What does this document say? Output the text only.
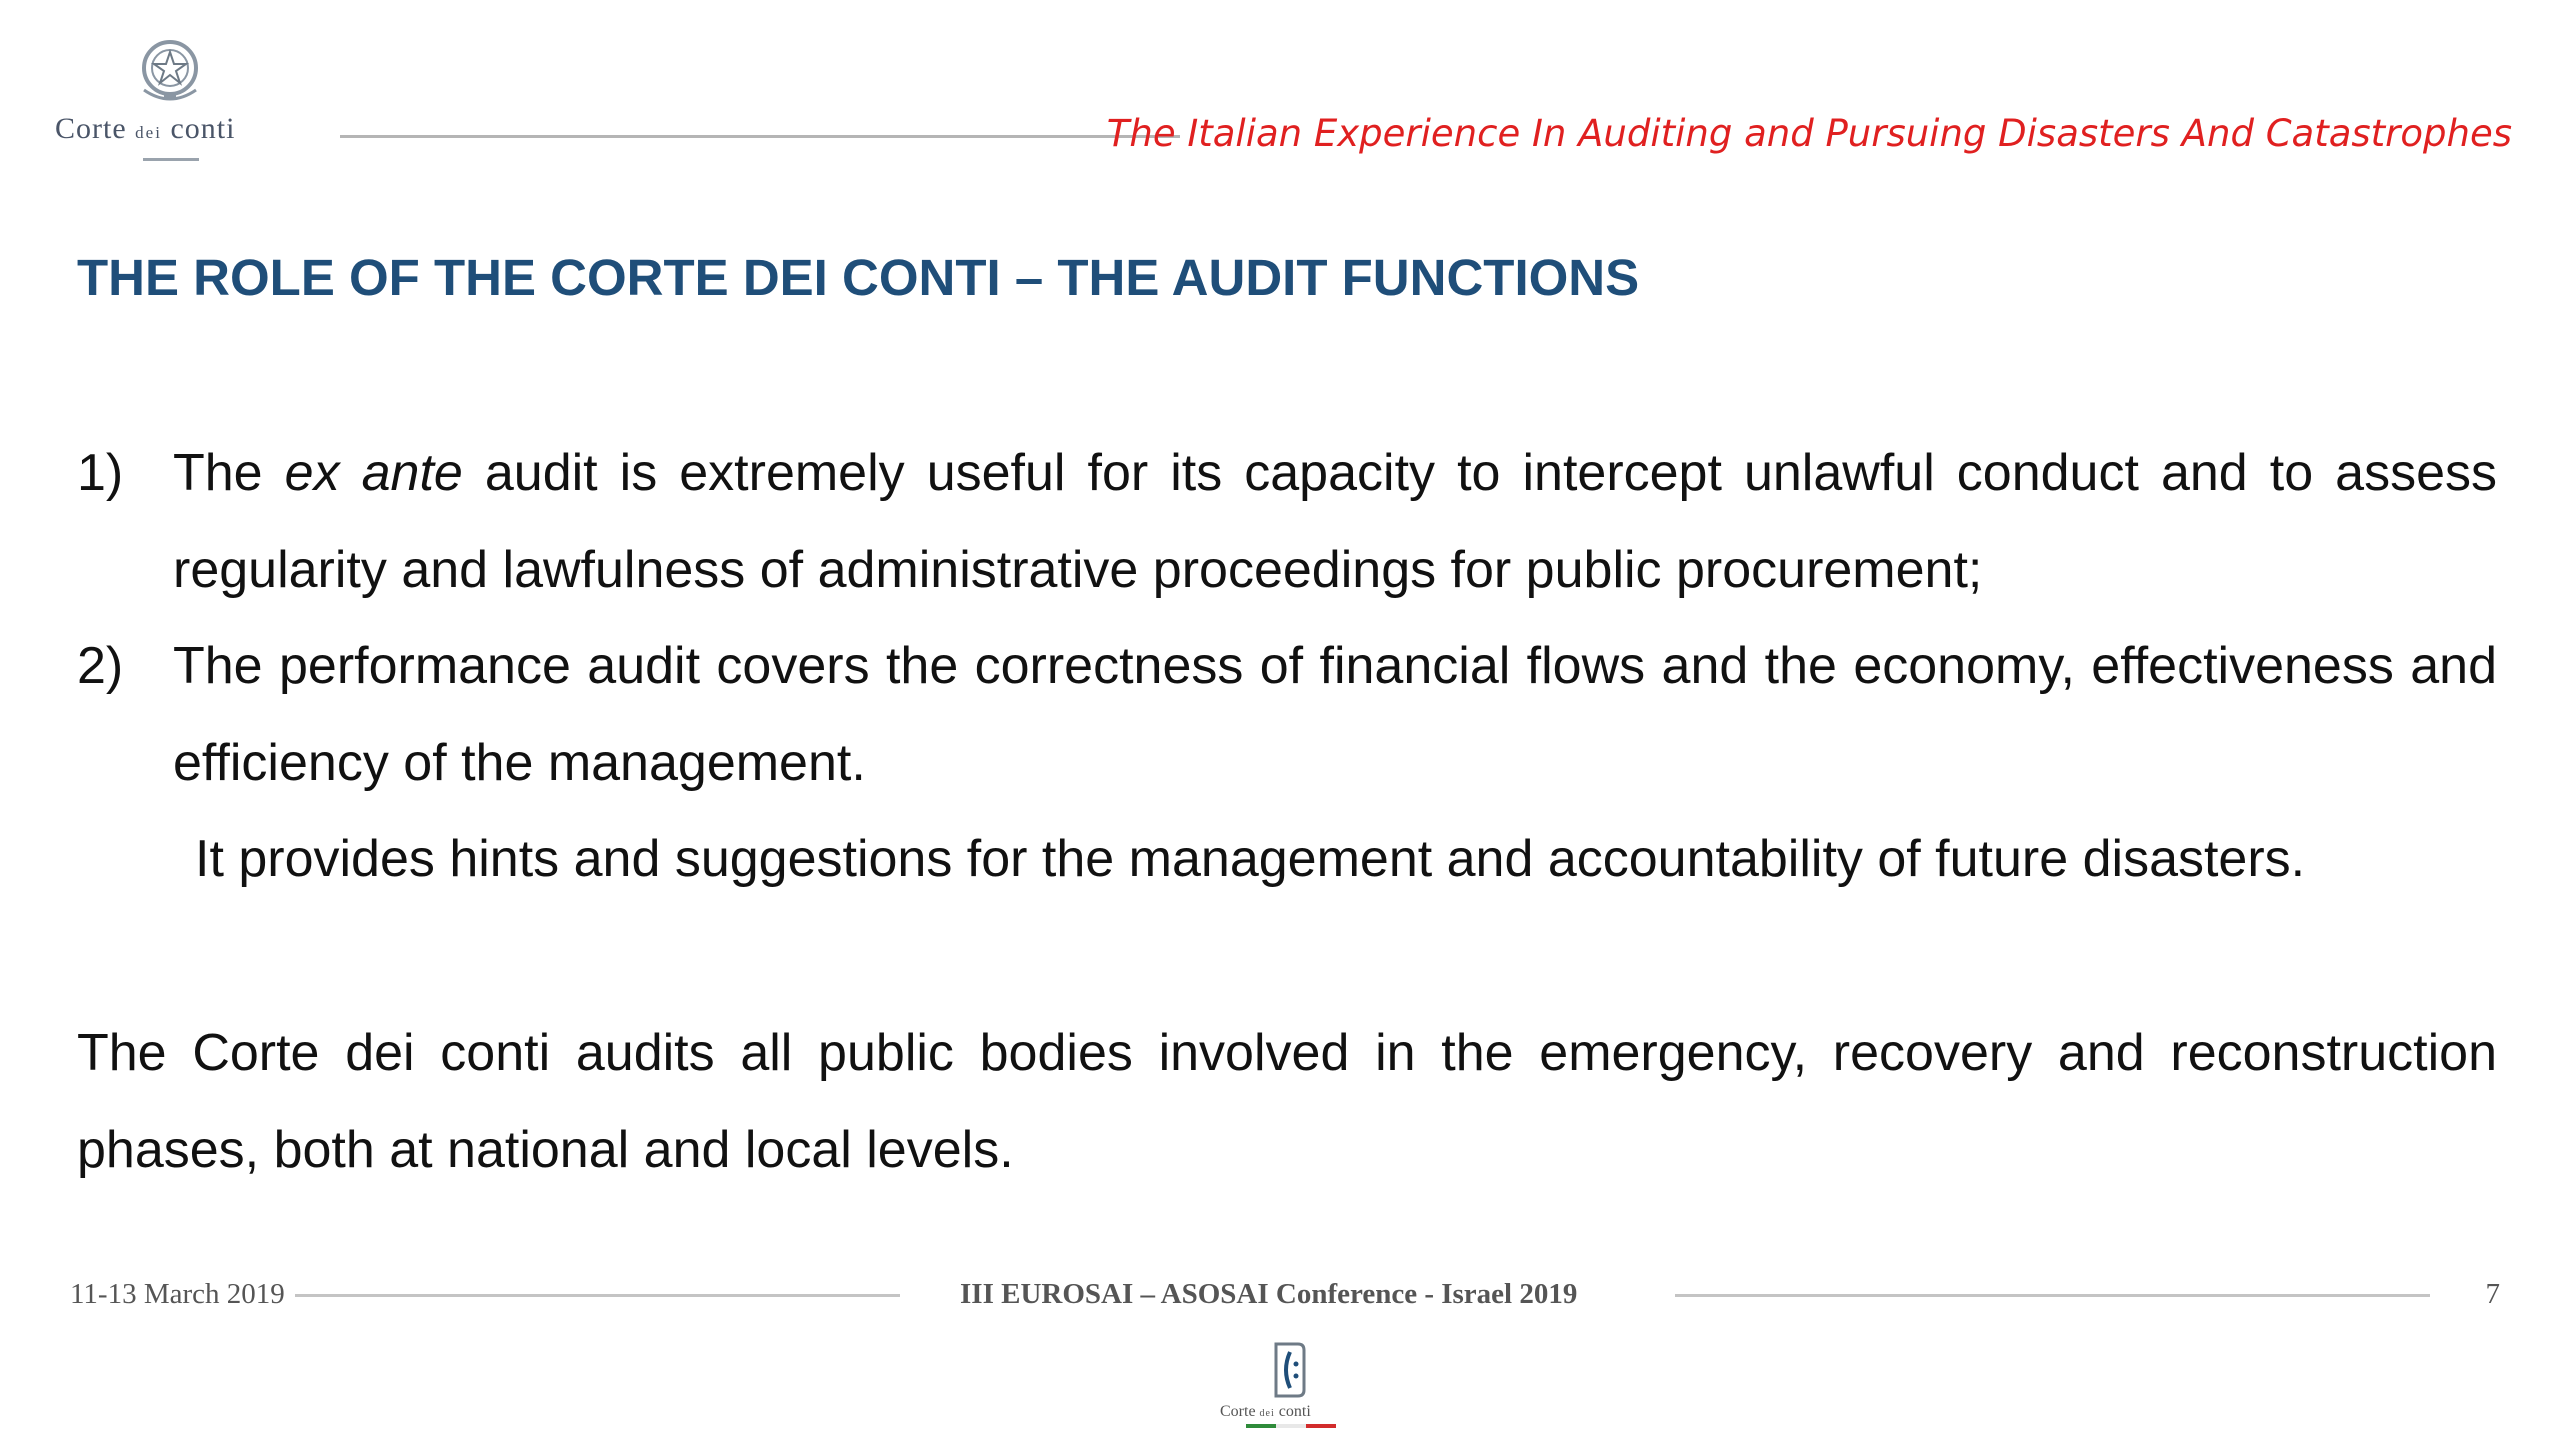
Corte dei conti	The Italian Experience In Auditing and Pursuing Disasters And Catastrophes
THE ROLE OF THE CORTE DEI CONTI – THE AUDIT FUNCTIONS
1) The ex ante audit is extremely useful for its capacity to intercept unlawful conduct and to assess regularity and lawfulness of administrative proceedings for public procurement;
2) The performance audit covers the correctness of financial flows and the economy, effectiveness and efficiency of the management.
It provides hints and suggestions for the management and accountability of future disasters.
The Corte dei conti audits all public bodies involved in the emergency, recovery and reconstruction phases, both at national and local levels.
11-13 March 2019	III EUROSAI – ASOSAI Conference - Israel 2019	7
Corte dei conti
